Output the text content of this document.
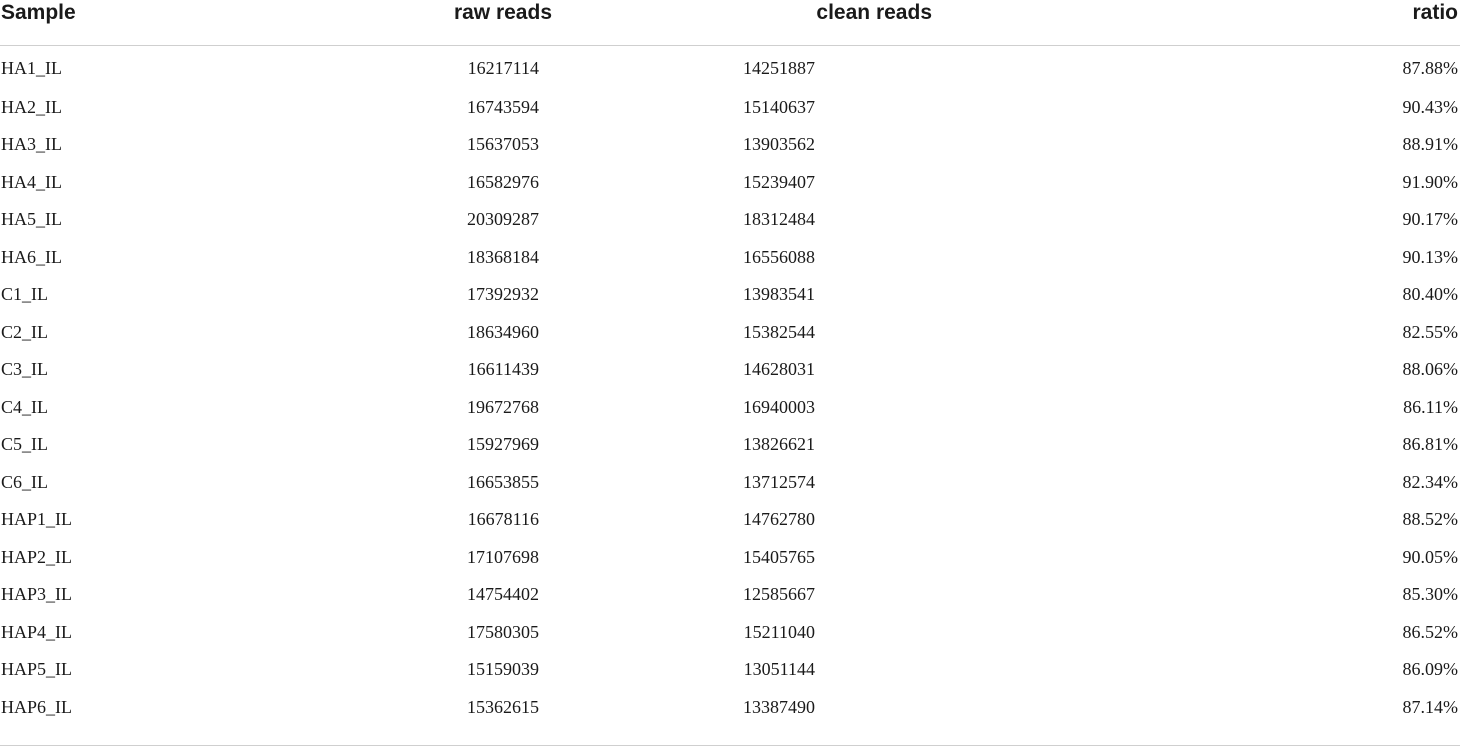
Sample	raw reads	clean reads	ratio
HA1_IL	16217114	14251887	87.88%
HA2_IL	16743594	15140637	90.43%
HA3_IL	15637053	13903562	88.91%
HA4_IL	16582976	15239407	91.90%
HA5_IL	20309287	18312484	90.17%
HA6_IL	18368184	16556088	90.13%
C1_IL	17392932	13983541	80.40%
C2_IL	18634960	15382544	82.55%
C3_IL	16611439	14628031	88.06%
C4_IL	19672768	16940003	86.11%
C5_IL	15927969	13826621	86.81%
C6_IL	16653855	13712574	82.34%
HAP1_IL	16678116	14762780	88.52%
HAP2_IL	17107698	15405765	90.05%
HAP3_IL	14754402	12585667	85.30%
HAP4_IL	17580305	15211040	86.52%
HAP5_IL	15159039	13051144	86.09%
HAP6_IL	15362615	13387490	87.14%
